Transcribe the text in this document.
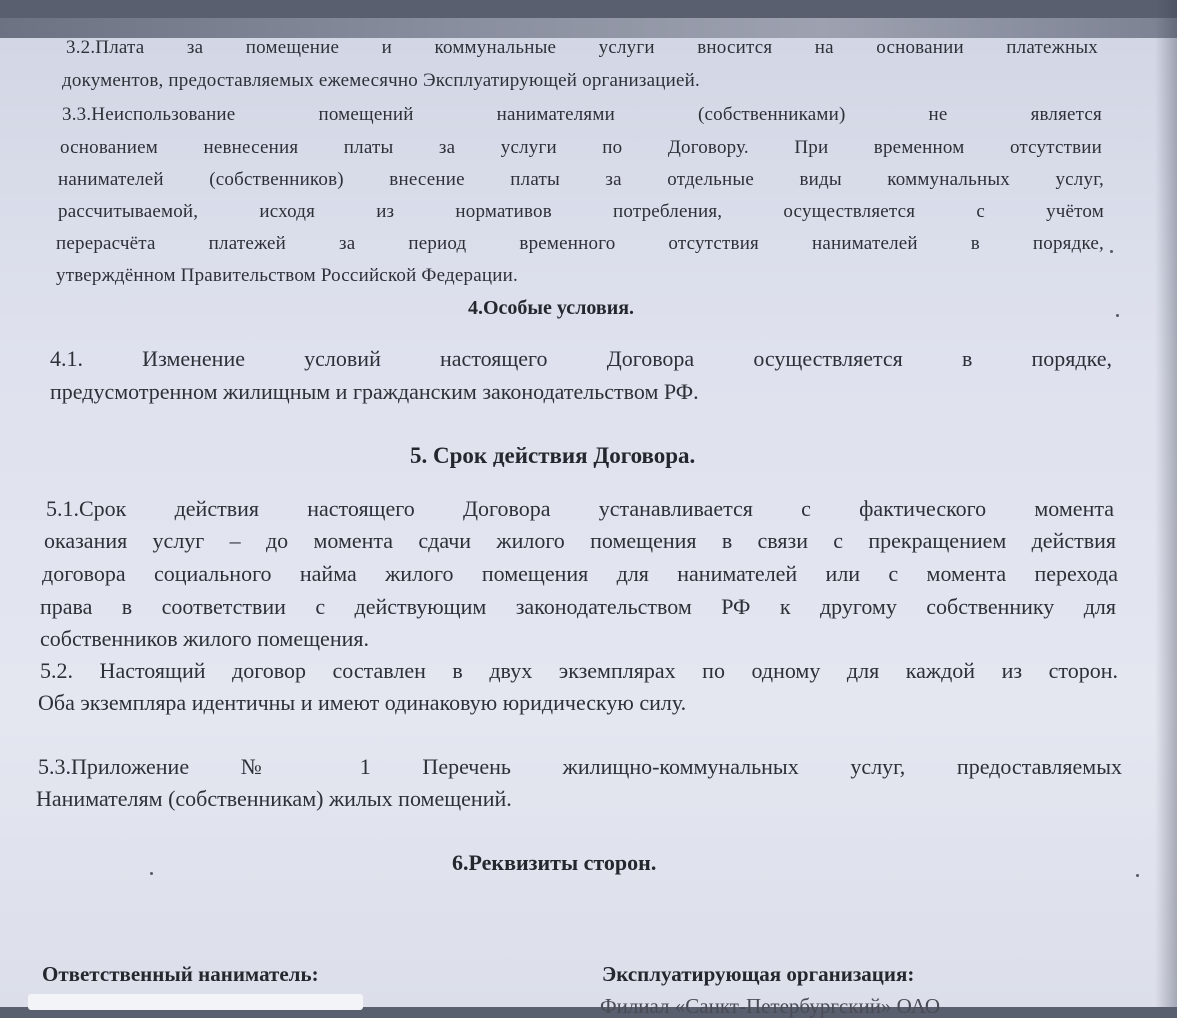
3.2.Плата за помещение и коммунальные услуги вносится на основании платежных
документов, предоставляемых ежемесячно Эксплуатирующей организацией.
3.3.Неиспользование помещений нанимателями (собственниками) не является
основанием невнесения платы за услуги по Договору. При временном отсутствии
нанимателей (собственников) внесение платы за отдельные виды коммунальных услуг,
рассчитываемой, исходя из нормативов потребления, осуществляется с учётом
перерасчёта платежей за период временного отсутствия нанимателей в порядке,
утверждённом Правительством Российской Федерации.
4.Особые условия.
4.1. Изменение условий настоящего Договора осуществляется в порядке,
предусмотренном жилищным и гражданским законодательством РФ.
5. Срок действия Договора.
5.1.Срок действия настоящего Договора устанавливается с фактического момента
оказания услуг – до момента сдачи жилого помещения в связи с прекращением действия
договора социального найма жилого помещения для нанимателей или с момента перехода
права в соответствии с действующим законодательством РФ к другому собственнику для
собственников жилого помещения.
5.2. Настоящий договор составлен в двух экземплярах по одному для каждой из сторон.
Оба экземпляра идентичны и имеют одинаковую юридическую силу.
5.3.Приложение № 1 Перечень жилищно-коммунальных услуг, предоставляемых
Нанимателям (собственникам) жилых помещений.
6.Реквизиты сторон.
Ответственный наниматель:	Эксплуатирующая организация:
Филиал «Санкт-Петербургский» ОАО
